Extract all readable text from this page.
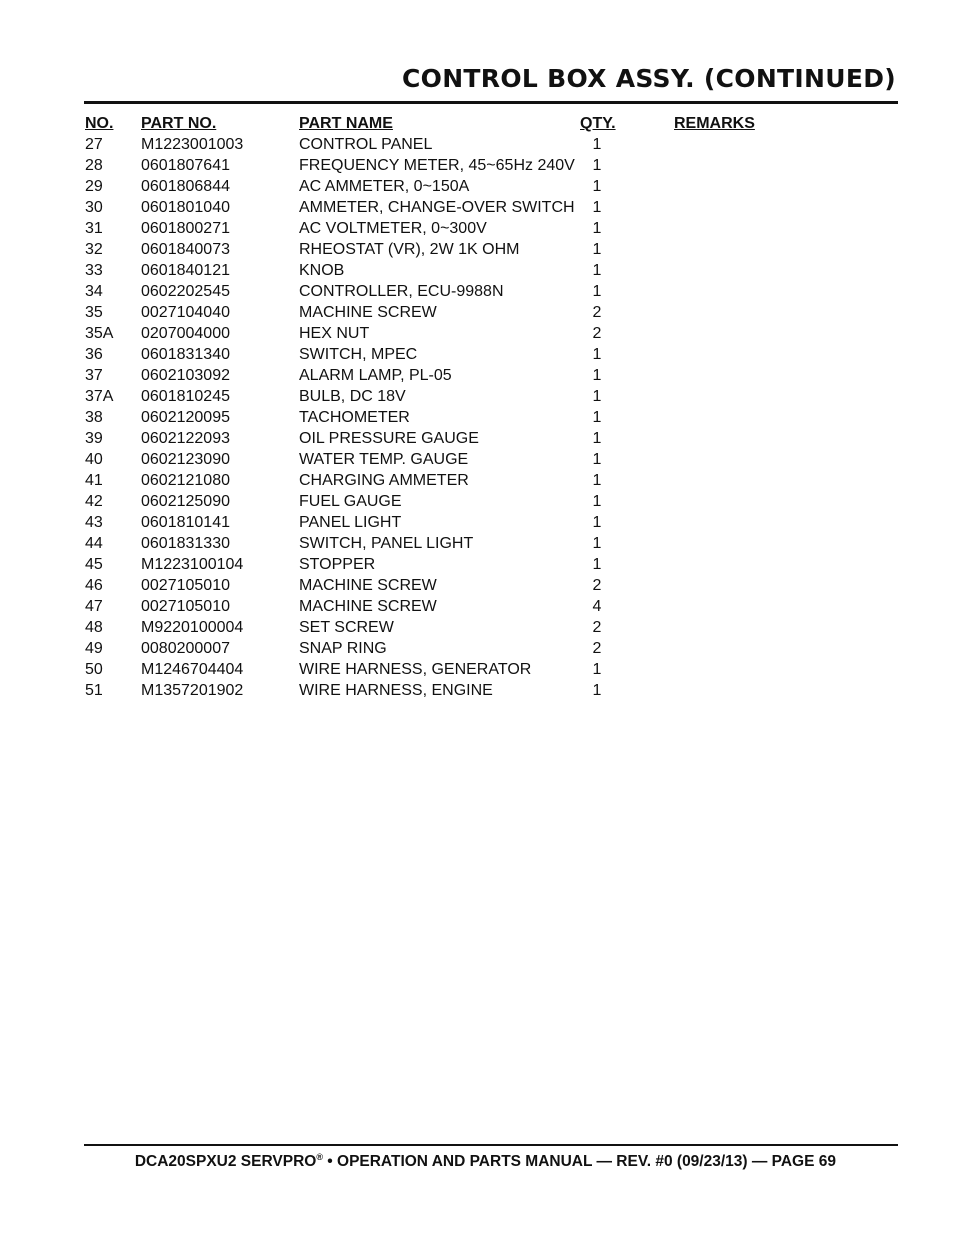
CONTROL BOX ASSY. (CONTINUED)
NO. PART NO.	PART NAME	QTY.	REMARKS
27 M1223001003	CONTROL PANEL	1
28 0601807641	FREQUENCY METER, 45~65Hz 240V	1
29 0601806844	AC AMMETER, 0~150A	1
30 0601801040	AMMETER, CHANGE-OVER SWITCH	1
31 0601800271	AC VOLTMETER, 0~300V	1
32 0601840073	RHEOSTAT (VR), 2W 1K OHM	1
33 0601840121	KNOB	1
34 0602202545	CONTROLLER, ECU-9988N	1
35 0027104040	MACHINE SCREW	2
35A 0207004000	HEX NUT	2
36 0601831340	SWITCH, MPEC	1
37 0602103092	ALARM LAMP, PL-05	1
37A 0601810245	BULB, DC 18V	1
38 0602120095	TACHOMETER	1
39 0602122093	OIL PRESSURE GAUGE	1
40 0602123090	WATER TEMP. GAUGE	1
41 0602121080	CHARGING AMMETER	1
42 0602125090	FUEL GAUGE	1
43 0601810141	PANEL LIGHT	1
44 0601831330	SWITCH, PANEL LIGHT	1
45 M1223100104	STOPPER	1
46 0027105010	MACHINE SCREW	2
47 0027105010	MACHINE SCREW	4
48 M9220100004	SET SCREW	2
49 0080200007	SNAP RING	2
50 M1246704404	WIRE HARNESS, GENERATOR	1
51 M1357201902	WIRE HARNESS, ENGINE	1
DCA20SPXU2 SERVPRO® • OPERATION AND PARTS MANUAL — REV. #0 (09/23/13) — PAGE 69
